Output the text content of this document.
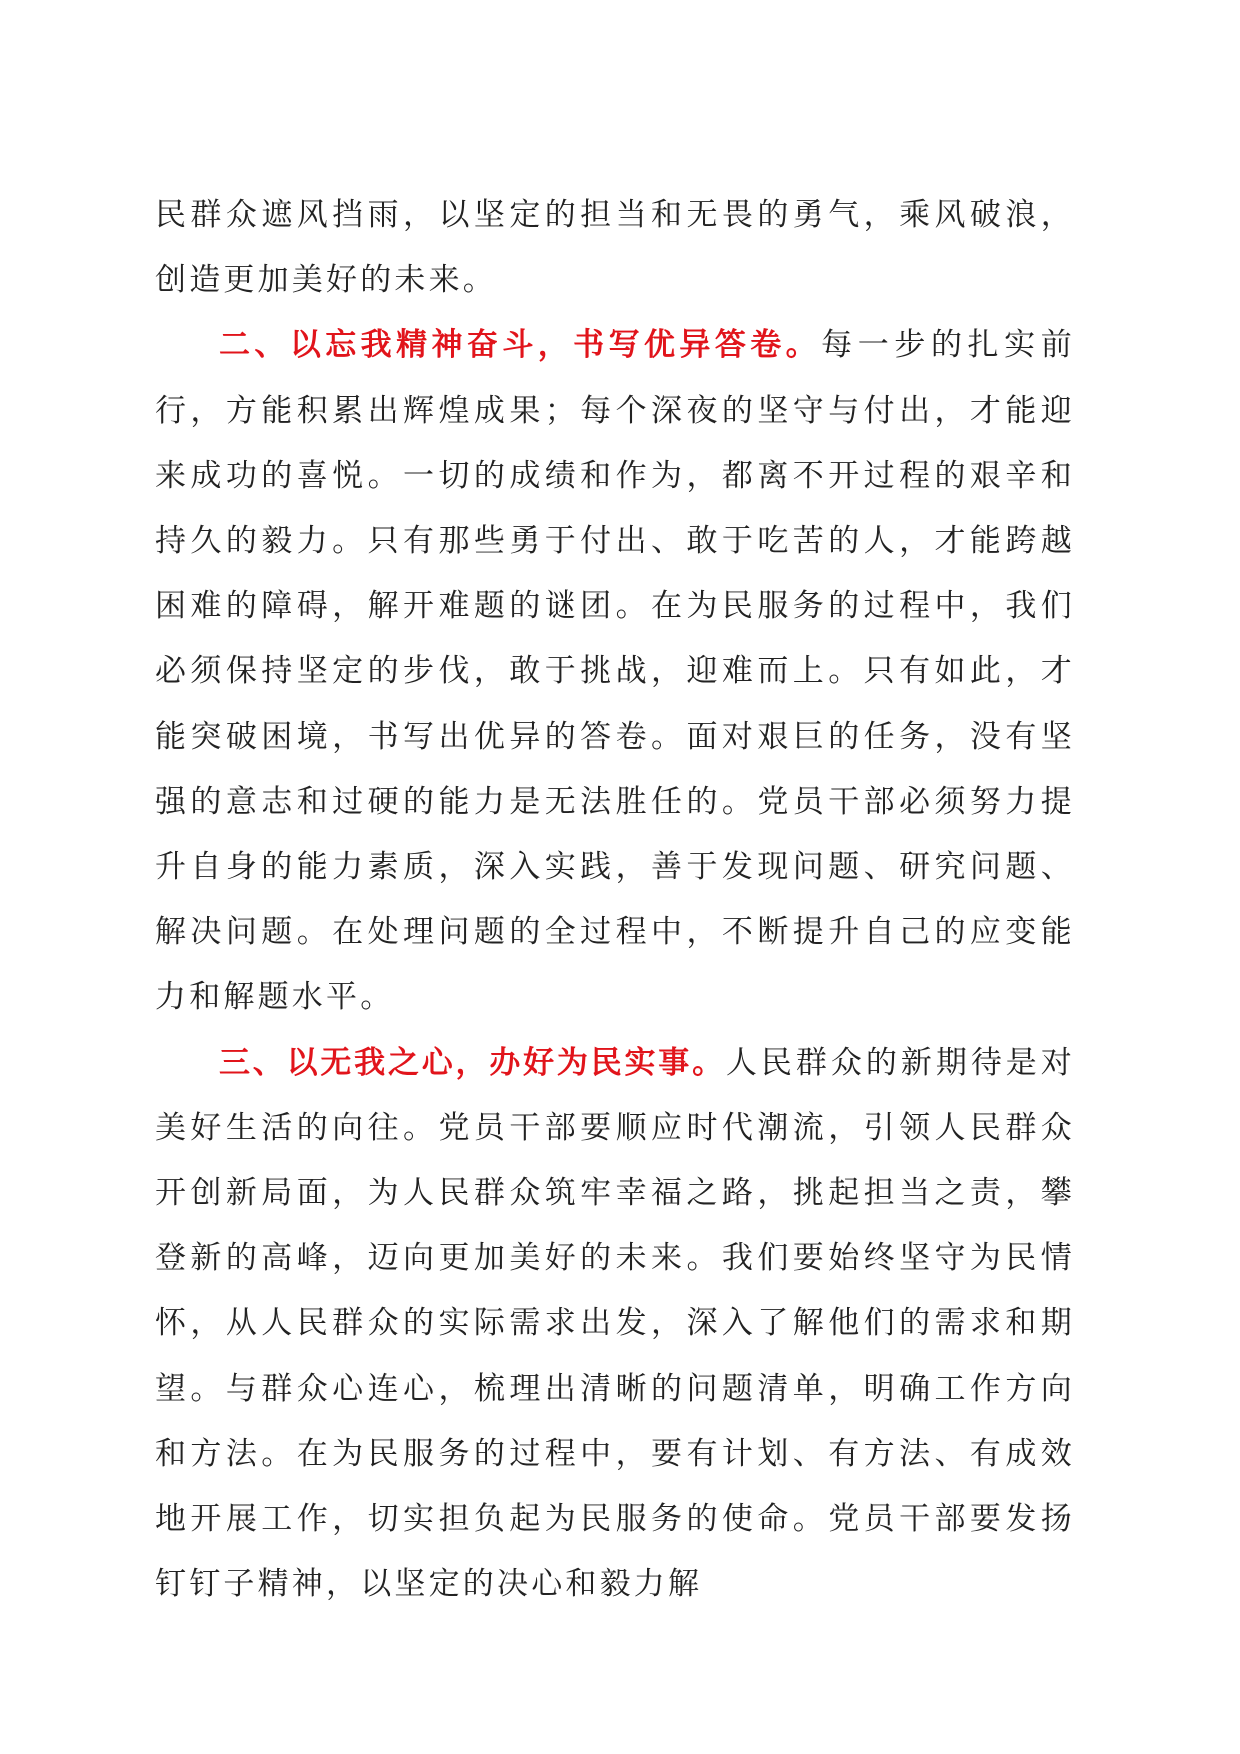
民群众遮风挡雨，以坚定的担当和无畏的勇气，乘风破浪，创造更加美好的未来。

二、以忘我精神奋斗，书写优异答卷。每一步的扎实前行，方能积累出辉煌成果；每个深夜的坚守与付出，才能迎来成功的喜悦。一切的成绩和作为，都离不开过程的艰辛和持久的毅力。只有那些勇于付出、敢于吃苦的人，才能跨越困难的障碍，解开难题的谜团。在为民服务的过程中，我们必须保持坚定的步伐，敢于挑战，迎难而上。只有如此，才能突破困境，书写出优异的答卷。面对艰巨的任务，没有坚强的意志和过硬的能力是无法胜任的。党员干部必须努力提升自身的能力素质，深入实践，善于发现问题、研究问题、解决问题。在处理问题的全过程中，不断提升自己的应变能力和解题水平。

三、以无我之心，办好为民实事。人民群众的新期待是对美好生活的向往。党员干部要顺应时代潮流，引领人民群众开创新局面，为人民群众筑牢幸福之路，挑起担当之责，攀登新的高峰，迈向更加美好的未来。我们要始终坚守为民情怀，从人民群众的实际需求出发，深入了解他们的需求和期望。与群众心连心，梳理出清晰的问题清单，明确工作方向和方法。在为民服务的过程中，要有计划、有方法、有成效地开展工作，切实担负起为民服务的使命。党员干部要发扬钉钉子精神，以坚定的决心和毅力解
